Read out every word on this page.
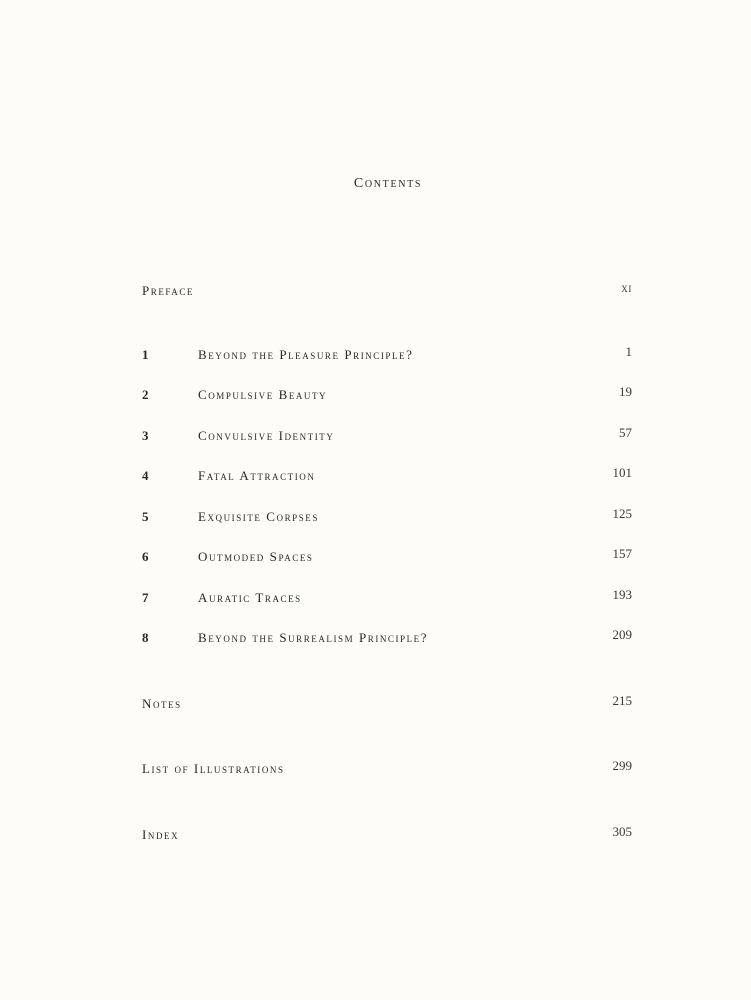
Contents
Preface	xi
1	Beyond the Pleasure Principle?	1
2	Compulsive Beauty	19
3	Convulsive Identity	57
4	Fatal Attraction	101
5	Exquisite Corpses	125
6	Outmoded Spaces	157
7	Auratic Traces	193
8	Beyond the Surrealism Principle?	209
Notes	215
List of Illustrations	299
Index	305
